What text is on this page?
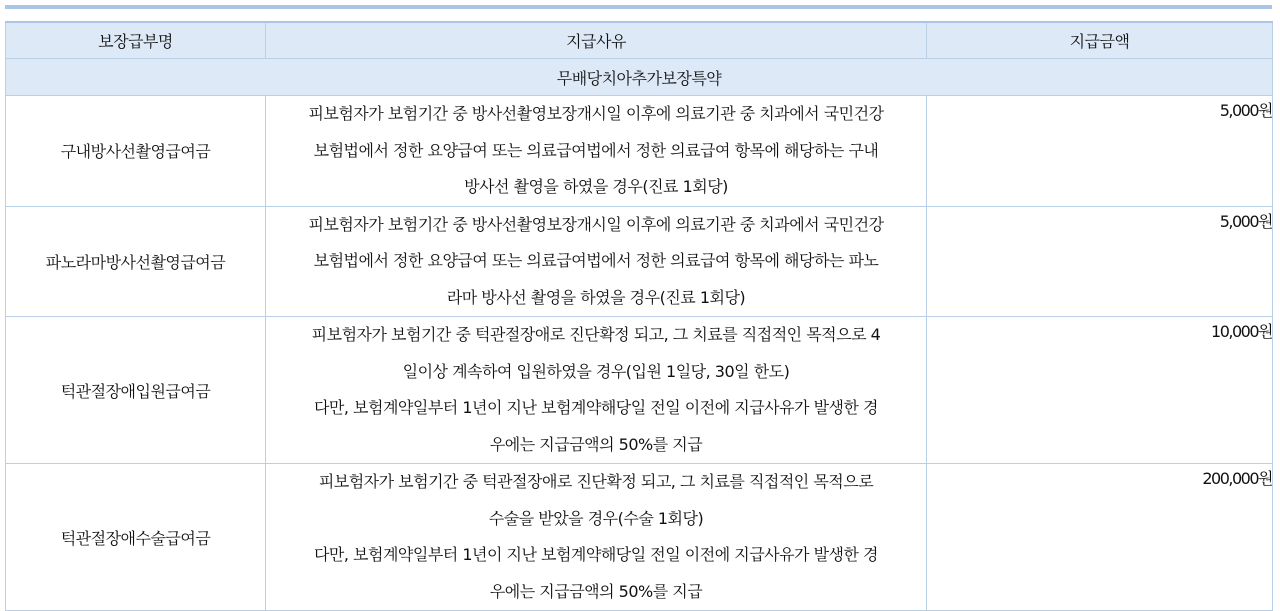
보장급부명	지급사유	지급금액
무배당치아추가보장특약		
구내방사선촬영급여금	피보험자가 보험기간 중 방사선촬영보장개시일 이후에 의료기관 중 치과에서 국민건강
보험법에서 정한 요양급여 또는 의료급여법에서 정한 의료급여 항목에 해당하는 구내
방사선 촬영을 하였을 경우(진료 1회당)	5,000원
파노라마방사선촬영급여금	피보험자가 보험기간 중 방사선촬영보장개시일 이후에 의료기관 중 치과에서 국민건강
보험법에서 정한 요양급여 또는 의료급여법에서 정한 의료급여 항목에 해당하는 파노
라마 방사선 촬영을 하였을 경우(진료 1회당)	5,000원
턱관절장애입원급여금	피보험자가 보험기간 중 턱관절장애로 진단확정 되고, 그 치료를 직접적인 목적으로 4
일이상 계속하여 입원하였을 경우(입원 1일당, 30일 한도)
다만, 보험계약일부터 1년이 지난 보험계약해당일 전일 이전에 지급사유가 발생한 경
우에는 지급금액의 50%를 지급	10,000원
턱관절장애수술급여금	피보험자가 보험기간 중 턱관절장애로 진단확정 되고, 그 치료를 직접적인 목적으로
수술을 받았을 경우(수술 1회당)
다만, 보험계약일부터 1년이 지난 보험계약해당일 전일 이전에 지급사유가 발생한 경
우에는 지급금액의 50%를 지급	200,000원
